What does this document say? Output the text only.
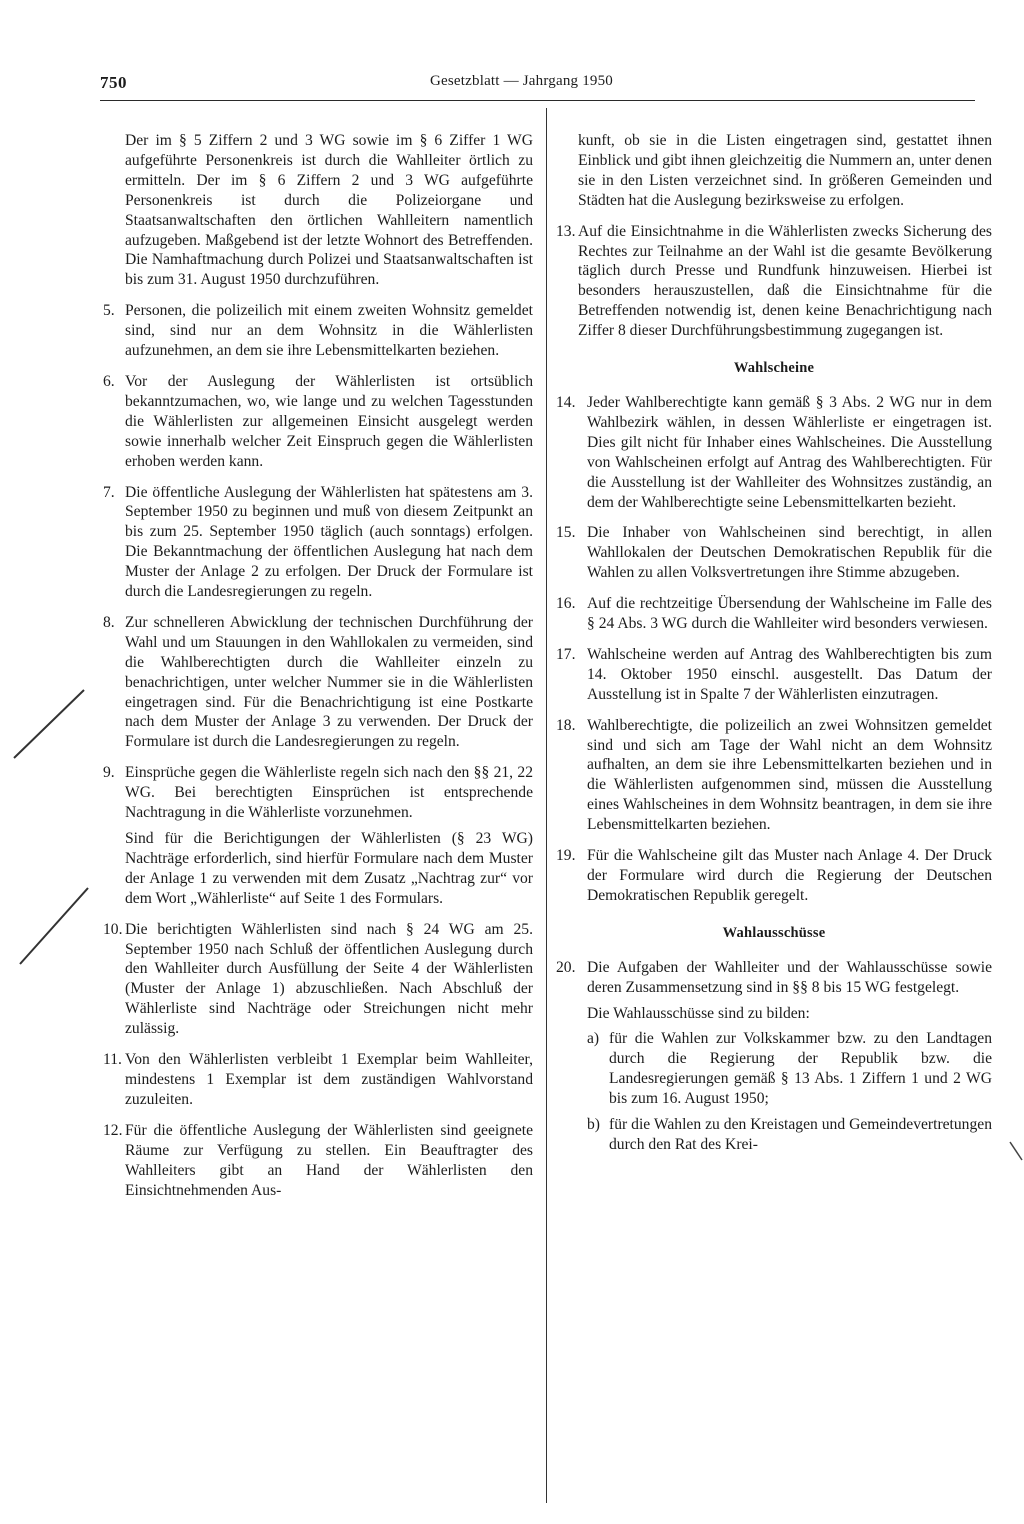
750	Gesetzblatt — Jahrgang 1950

Der im § 5 Ziffern 2 und 3 WG sowie im § 6 Ziffer 1 WG aufgeführte Personenkreis ist durch die Wahlleiter örtlich zu ermitteln. Der im § 6 Ziffern 2 und 3 WG aufgeführte Personenkreis ist durch die Polizeiorgane und Staatsanwaltschaften den örtlichen Wahlleitern namentlich aufzugeben. Maßgebend ist der letzte Wohnort des Betreffenden. Die Namhaftmachung durch Polizei und Staatsanwaltschaften ist bis zum 31. August 1950 durchzuführen.

5. Personen, die polizeilich mit einem zweiten Wohnsitz gemeldet sind, sind nur an dem Wohnsitz in die Wählerlisten aufzunehmen, an dem sie ihre Lebensmittelkarten beziehen.

6. Vor der Auslegung der Wählerlisten ist ortsüblich bekanntzumachen, wo, wie lange und zu welchen Tagesstunden die Wählerlisten zur allgemeinen Einsicht ausgelegt werden sowie innerhalb welcher Zeit Einspruch gegen die Wählerlisten erhoben werden kann.

7. Die öffentliche Auslegung der Wählerlisten hat spätestens am 3. September 1950 zu beginnen und muß von diesem Zeitpunkt an bis zum 25. September 1950 täglich (auch sonntags) erfolgen. Die Bekanntmachung der öffentlichen Auslegung hat nach dem Muster der Anlage 2 zu erfolgen. Der Druck der Formulare ist durch die Landesregierungen zu regeln.

8. Zur schnelleren Abwicklung der technischen Durchführung der Wahl und um Stauungen in den Wahllokalen zu vermeiden, sind die Wahlberechtigten durch die Wahlleiter einzeln zu benachrichtigen, unter welcher Nummer sie in die Wählerlisten eingetragen sind. Für die Benachrichtigung ist eine Postkarte nach dem Muster der Anlage 3 zu verwenden. Der Druck der Formulare ist durch die Landesregierungen zu regeln.

9. Einsprüche gegen die Wählerliste regeln sich nach den §§ 21, 22 WG. Bei berechtigten Einsprüchen ist entsprechende Nachtragung in die Wählerliste vorzunehmen.

Sind für die Berichtigungen der Wählerlisten (§ 23 WG) Nachträge erforderlich, sind hierfür Formulare nach dem Muster der Anlage 1 zu verwenden mit dem Zusatz „Nachtrag zur“ vor dem Wort „Wählerliste“ auf Seite 1 des Formulars.

10. Die berichtigten Wählerlisten sind nach § 24 WG am 25. September 1950 nach Schluß der öffentlichen Auslegung durch den Wahlleiter durch Ausfüllung der Seite 4 der Wählerlisten (Muster der Anlage 1) abzuschließen. Nach Abschluß der Wählerliste sind Nachträge oder Streichungen nicht mehr zulässig.

11. Von den Wählerlisten verbleibt 1 Exemplar beim Wahlleiter, mindestens 1 Exemplar ist dem zuständigen Wahlvorstand zuzuleiten.

12. Für die öffentliche Auslegung der Wählerlisten sind geeignete Räume zur Verfügung zu stellen. Ein Beauftragter des Wahlleiters gibt an Hand der Wählerlisten den Einsichtnehmenden Aus-

kunft, ob sie in die Listen eingetragen sind, gestattet ihnen Einblick und gibt ihnen gleichzeitig die Nummern an, unter denen sie in den Listen verzeichnet sind. In größeren Gemeinden und Städten hat die Auslegung bezirksweise zu erfolgen.

13. Auf die Einsichtnahme in die Wählerlisten zwecks Sicherung des Rechtes zur Teilnahme an der Wahl ist die gesamte Bevölkerung täglich durch Presse und Rundfunk hinzuweisen. Hierbei ist besonders herauszustellen, daß die Einsichtnahme für die Betreffenden notwendig ist, denen keine Benachrichtigung nach Ziffer 8 dieser Durchführungsbestimmung zugegangen ist.

Wahlscheine
14. Jeder Wahlberechtigte kann gemäß § 3 Abs. 2 WG nur in dem Wahlbezirk wählen, in dessen Wählerliste er eingetragen ist. Dies gilt nicht für Inhaber eines Wahlscheines. Die Ausstellung von Wahlscheinen erfolgt auf Antrag des Wahlberechtigten. Für die Ausstellung ist der Wahlleiter des Wohnsitzes zuständig, an dem der Wahlberechtigte seine Lebensmittelkarten bezieht.

15. Die Inhaber von Wahlscheinen sind berechtigt, in allen Wahllokalen der Deutschen Demokratischen Republik für die Wahlen zu allen Volksvertretungen ihre Stimme abzugeben.

16. Auf die rechtzeitige Übersendung der Wahlscheine im Falle des § 24 Abs. 3 WG durch die Wahlleiter wird besonders verwiesen.

17. Wahlscheine werden auf Antrag des Wahlberechtigten bis zum 14. Oktober 1950 einschl. ausgestellt. Das Datum der Ausstellung ist in Spalte 7 der Wählerlisten einzutragen.

18. Wahlberechtigte, die polizeilich an zwei Wohnsitzen gemeldet sind und sich am Tage der Wahl nicht an dem Wohnsitz aufhalten, an dem sie ihre Lebensmittelkarten beziehen und in die Wählerlisten aufgenommen sind, müssen die Ausstellung eines Wahlscheines in dem Wohnsitz beantragen, in dem sie ihre Lebensmittelkarten beziehen.

19. Für die Wahlscheine gilt das Muster nach Anlage 4. Der Druck der Formulare wird durch die Regierung der Deutschen Demokratischen Republik geregelt.

Wahlausschüsse
20. Die Aufgaben der Wahlleiter und der Wahlausschüsse sowie deren Zusammensetzung sind in §§ 8 bis 15 WG festgelegt.

Die Wahlausschüsse sind zu bilden:

a) für die Wahlen zur Volkskammer bzw. zu den Landtagen durch die Regierung der Republik bzw. die Landesregierungen gemäß § 13 Abs. 1 Ziffern 1 und 2 WG bis zum 16. August 1950;

b) für die Wahlen zu den Kreistagen und Gemeindevertretungen durch den Rat des Krei-
